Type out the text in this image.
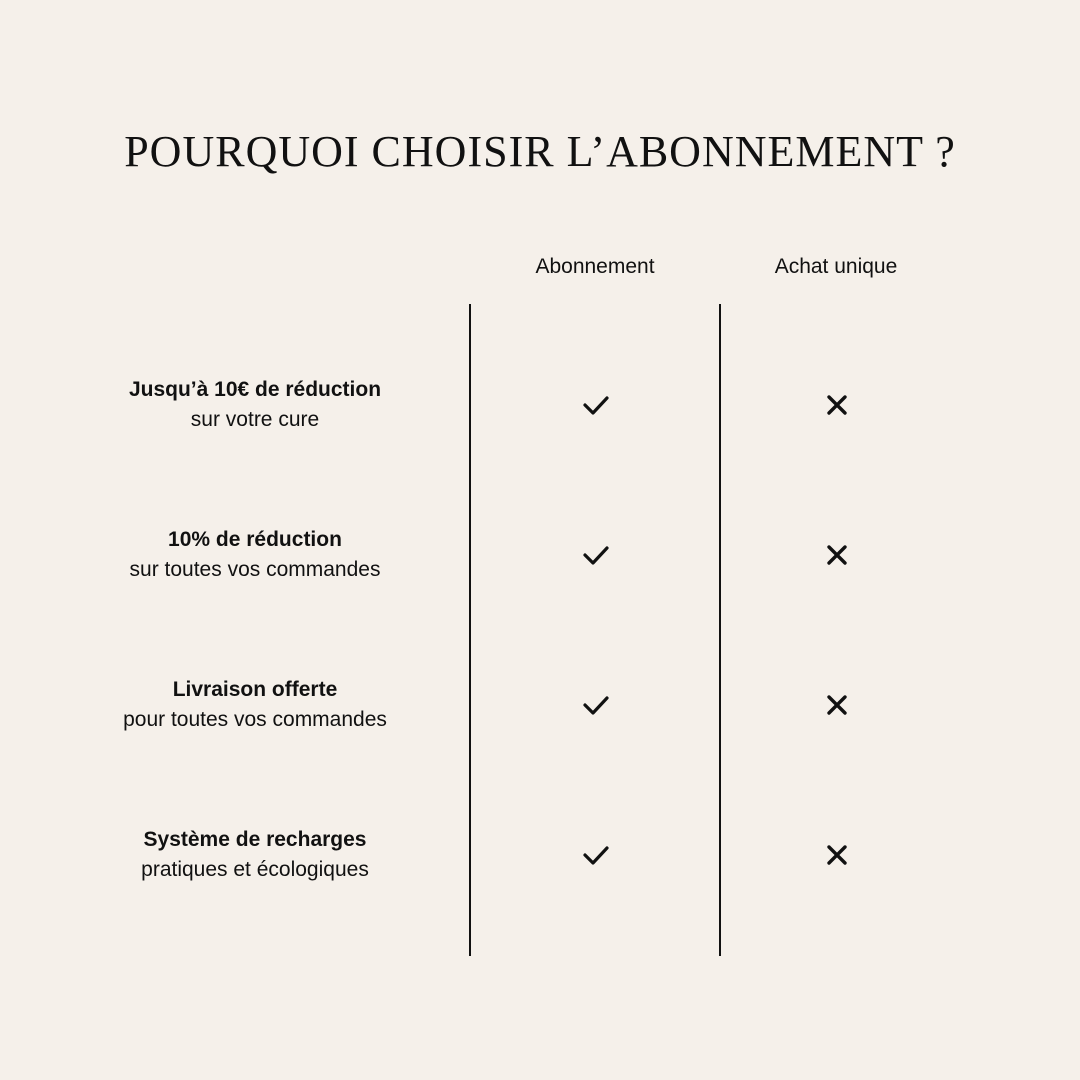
POURQUOI CHOISIR L’ABONNEMENT ?
Abonnement	Achat unique
Jusqu’à 10€ de réduction
sur votre cure
10% de réduction
sur toutes vos commandes
Livraison offerte
pour toutes vos commandes
Système de recharges
pratiques et écologiques
